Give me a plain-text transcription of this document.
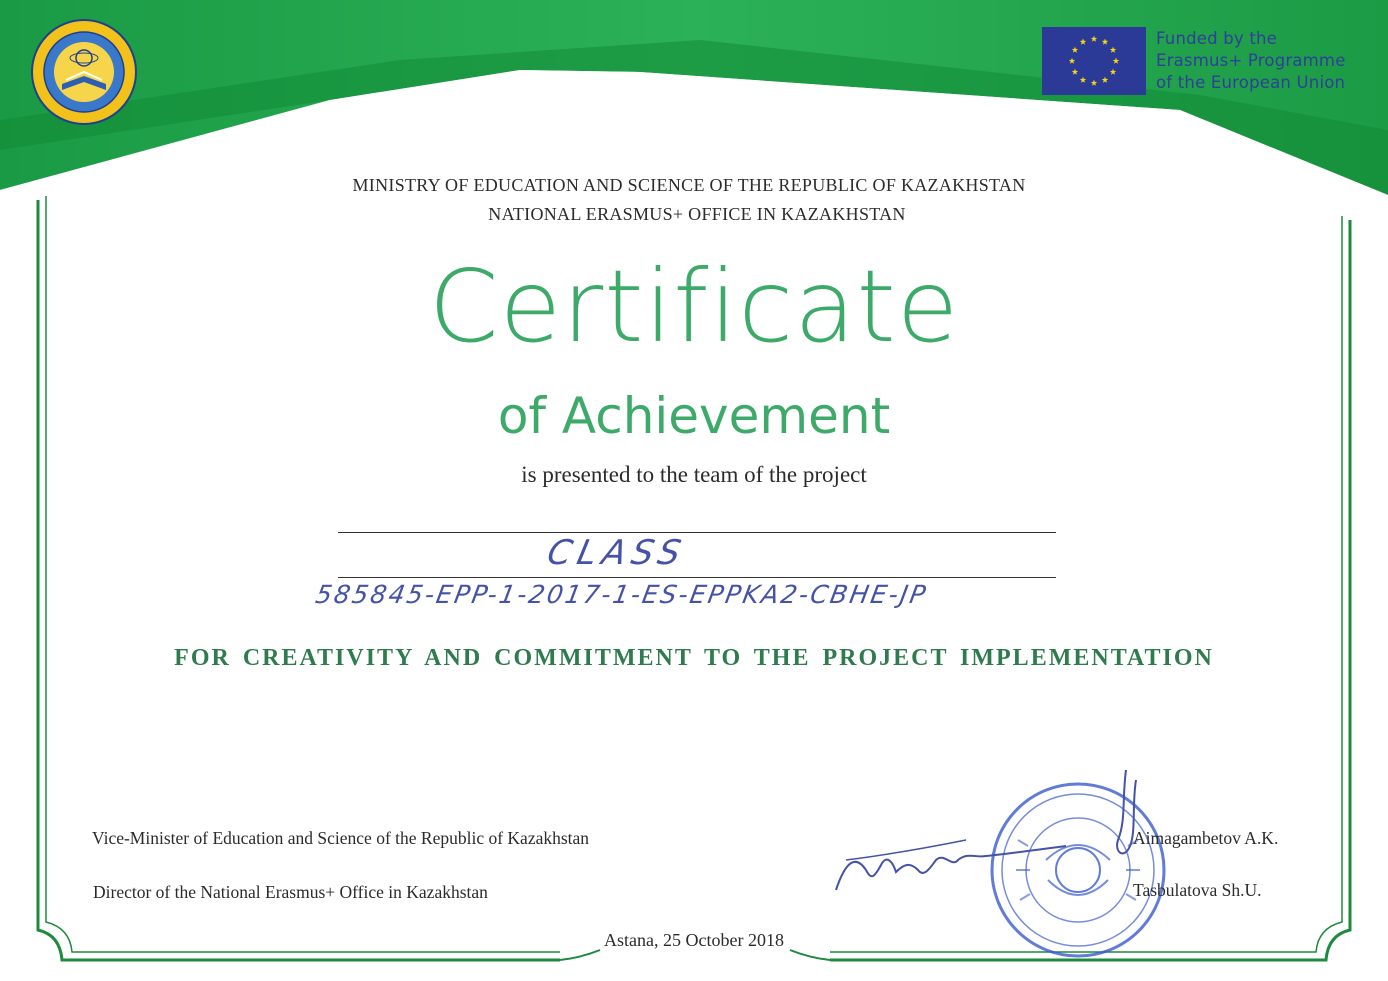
Funded by the
Erasmus+ Programme
of the European Union
MINISTRY OF EDUCATION AND SCIENCE OF THE REPUBLIC OF KAZAKHSTAN
NATIONAL ERASMUS+ OFFICE IN KAZAKHSTAN
Certificate
of Achievement
is presented to the team of the project
CLASS
585845-EPP-1-2017-1-ES-EPPKA2-CBHE-JP
FOR CREATIVITY AND COMMITMENT TO THE PROJECT IMPLEMENTATION
Vice-Minister of Education and Science of the Republic of Kazakhstan
Director of the National Erasmus+ Office in Kazakhstan
Aimagambetov A.K.
Tasbulatova Sh.U.
Astana, 25 October 2018
